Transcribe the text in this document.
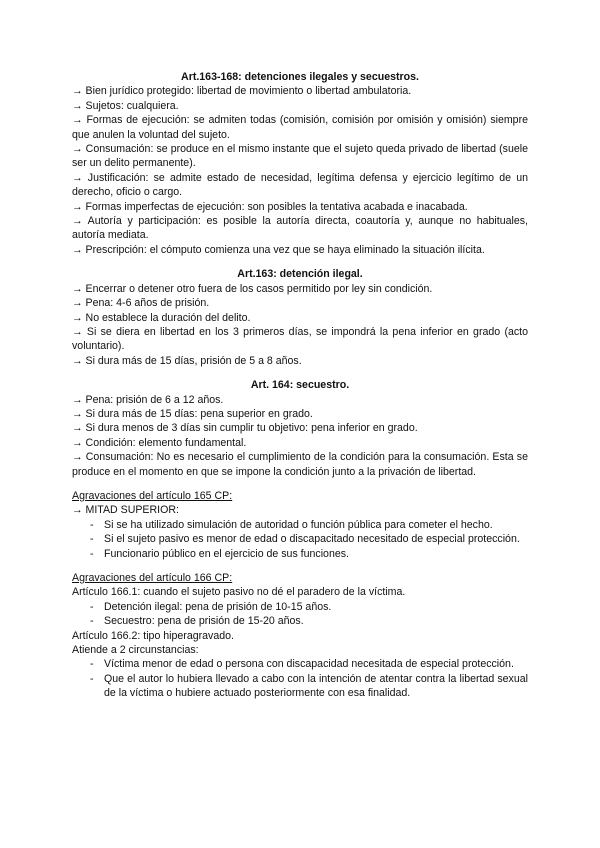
Art.163-168: detenciones ilegales y secuestros.

→ Bien jurídico protegido: libertad de movimiento o libertad ambulatoria.

→ Sujetos: cualquiera.

→ Formas de ejecución: se admiten todas (comisión, comisión por omisión y omisión) siempre que anulen la voluntad del sujeto.

→ Consumación: se produce en el mismo instante que el sujeto queda privado de libertad (suele ser un delito permanente).

→ Justificación: se admite estado de necesidad, legítima defensa y ejercicio legítimo de un derecho, oficio o cargo.

→ Formas imperfectas de ejecución: son posibles la tentativa acabada e inacabada.

→ Autoría y participación: es posible la autoría directa, coautoría y, aunque no habituales, autoría mediata.

→ Prescripción: el cómputo comienza una vez que se haya eliminado la situación ilícita.

Art.163: detención ilegal.

→ Encerrar o detener otro fuera de los casos permitido por ley sin condición.

→ Pena: 4-6 años de prisión.

→ No establece la duración del delito.

→ Si se diera en libertad en los 3 primeros días, se impondrá la pena inferior en grado (acto voluntario).

→ Si dura más de 15 días, prisión de 5 a 8 años.

Art. 164: secuestro.

→ Pena: prisión de 6 a 12 años.

→ Si dura más de 15 días: pena superior en grado.

→ Si dura menos de 3 días sin cumplir tu objetivo: pena inferior en grado.

→ Condición: elemento fundamental.

→ Consumación: No es necesario el cumplimiento de la condición para la consumación. Esta se produce en el momento en que se impone la condición junto a la privación de libertad.

Agravaciones del artículo 165 CP:

→ MITAD SUPERIOR:

- Si se ha utilizado simulación de autoridad o función pública para cometer el hecho.
- Si el sujeto pasivo es menor de edad o discapacitado necesitado de especial protección.
- Funcionario público en el ejercicio de sus funciones.

Agravaciones del artículo 166 CP:

Artículo 166.1: cuando el sujeto pasivo no dé el paradero de la víctima.

- Detención ilegal: pena de prisión de 10-15 años.
- Secuestro: pena de prisión de 15-20 años.

Artículo 166.2: tipo hiperagravado.

Atiende a 2 circunstancias:

- Víctima menor de edad o persona con discapacidad necesitada de especial protección.
- Que el autor lo hubiera llevado a cabo con la intención de atentar contra la libertad sexual de la víctima o hubiere actuado posteriormente con esa finalidad.
